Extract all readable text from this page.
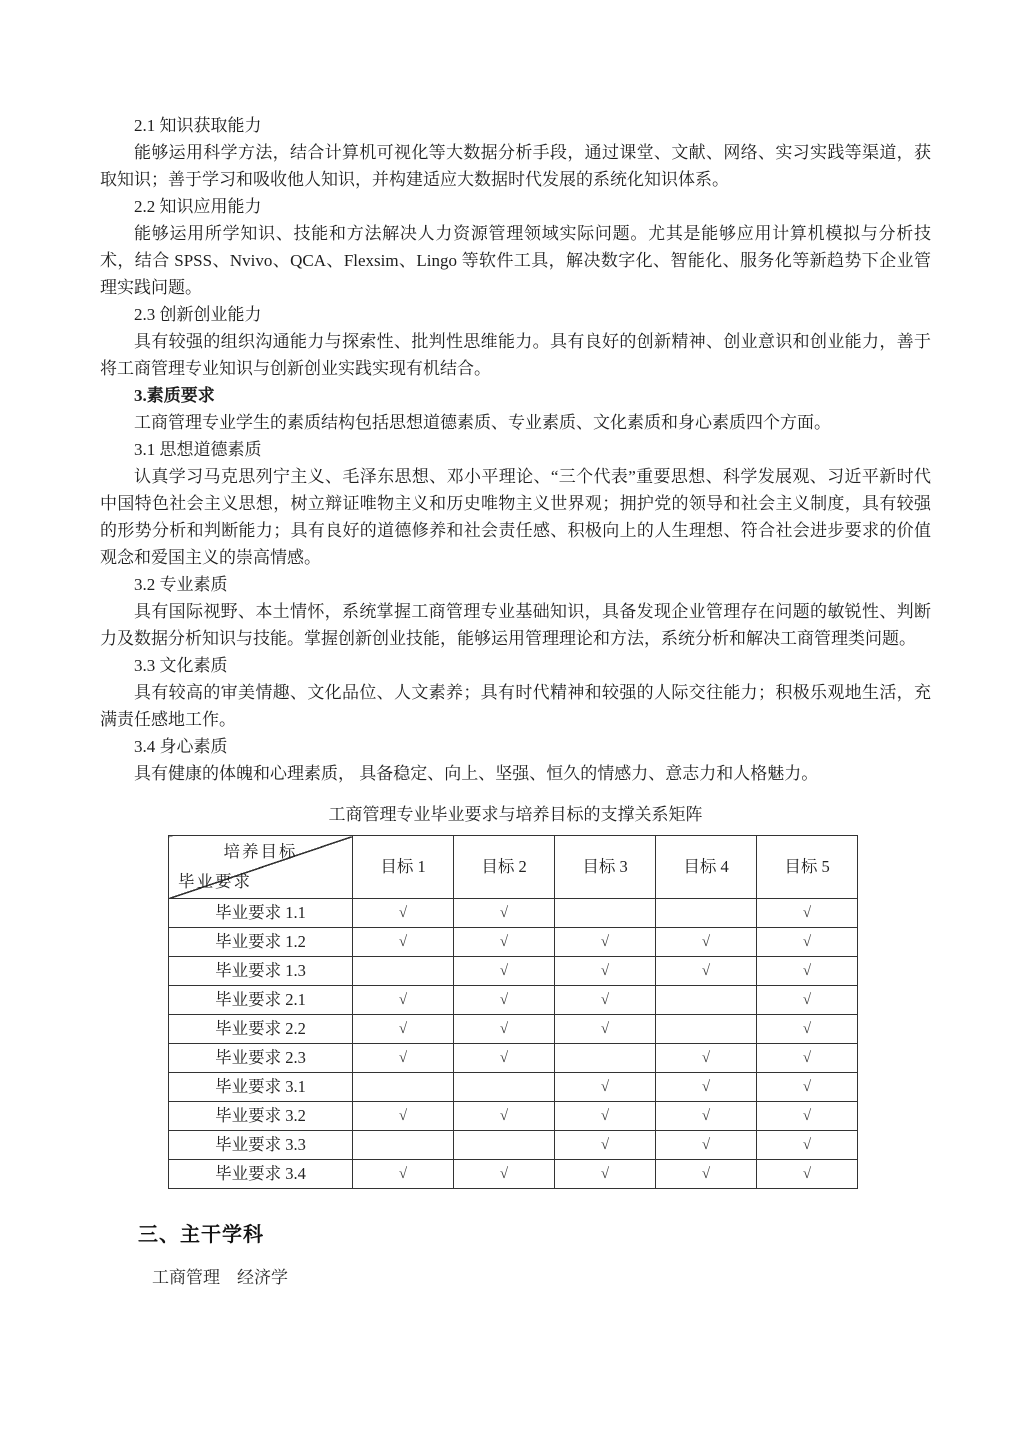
2.1 知识获取能力

能够运用科学方法，结合计算机可视化等大数据分析手段，通过课堂、文献、网络、实习实践等渠道，获取知识；善于学习和吸收他人知识，并构建适应大数据时代发展的系统化知识体系。

2.2 知识应用能力

能够运用所学知识、技能和方法解决人力资源管理领域实际问题。尤其是能够应用计算机模拟与分析技术，结合 SPSS、Nvivo、QCA、Flexsim、Lingo 等软件工具，解决数字化、智能化、服务化等新趋势下企业管理实践问题。

2.3 创新创业能力

具有较强的组织沟通能力与探索性、批判性思维能力。具有良好的创新精神、创业意识和创业能力，善于将工商管理专业知识与创新创业实践实现有机结合。

3.素质要求

工商管理专业学生的素质结构包括思想道德素质、专业素质、文化素质和身心素质四个方面。

3.1 思想道德素质

认真学习马克思列宁主义、毛泽东思想、邓小平理论、“三个代表”重要思想、科学发展观、习近平新时代中国特色社会主义思想，树立辩证唯物主义和历史唯物主义世界观；拥护党的领导和社会主义制度，具有较强的形势分析和判断能力；具有良好的道德修养和社会责任感、积极向上的人生理想、符合社会进步要求的价值观念和爱国主义的崇高情感。

3.2 专业素质

具有国际视野、本土情怀，系统掌握工商管理专业基础知识，具备发现企业管理存在问题的敏锐性、判断力及数据分析知识与技能。掌握创新创业技能，能够运用管理理论和方法，系统分析和解决工商管理类问题。

3.3 文化素质

具有较高的审美情趣、文化品位、人文素养；具有时代精神和较强的人际交往能力；积极乐观地生活，充满责任感地工作。

3.4 身心素质

具有健康的体魄和心理素质， 具备稳定、向上、坚强、恒久的情感力、意志力和人格魅力。

工商管理专业毕业要求与培养目标的支撑关系矩阵
培养目标
毕业要求	目标 1	目标 2	目标 3	目标 4	目标 5
毕业要求 1.1	√	√			√
毕业要求 1.2	√	√	√	√	√
毕业要求 1.3		√	√	√	√
毕业要求 2.1	√	√	√		√
毕业要求 2.2	√	√	√		√
毕业要求 2.3	√	√		√	√
毕业要求 3.1			√	√	√
毕业要求 3.2	√	√	√	√	√
毕业要求 3.3			√	√	√
毕业要求 3.4	√	√	√	√	√
三、主干学科
工商管理　经济学
